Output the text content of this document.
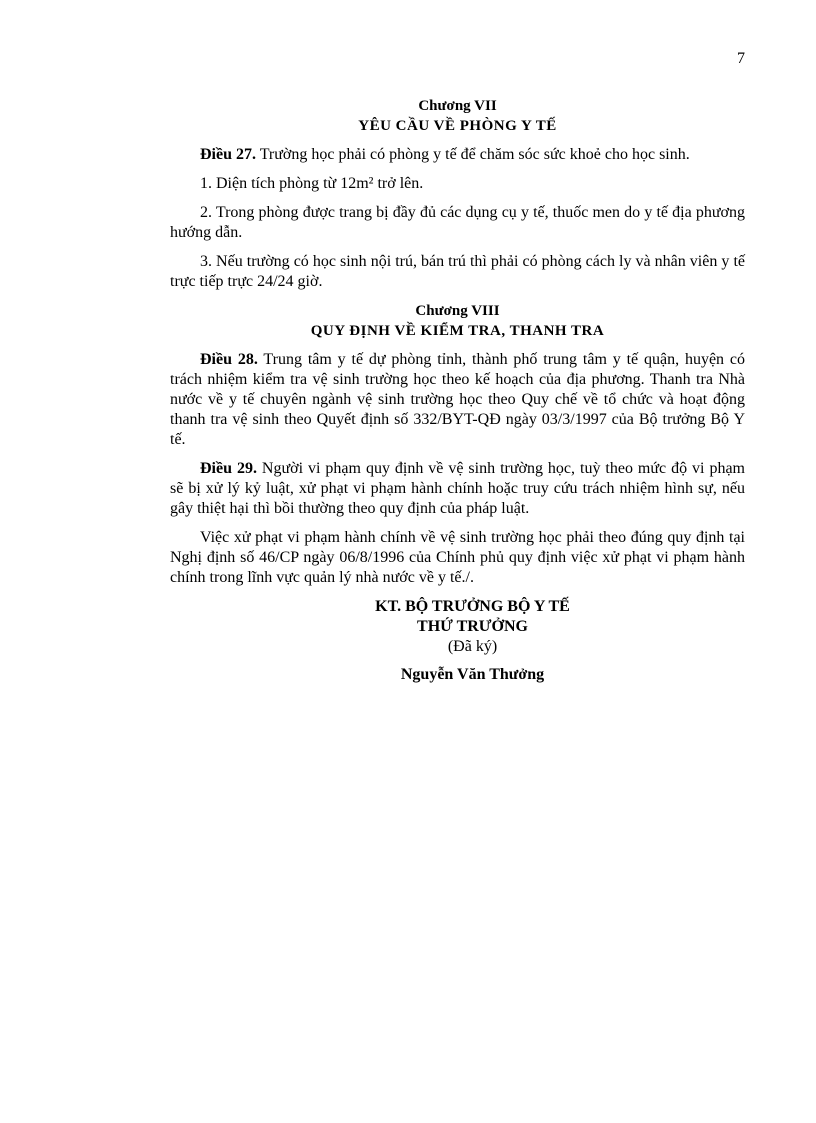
7

Chương VII

YÊU CẦU VỀ PHÒNG Y TẾ

Điều 27. Trường học phải có phòng y tế để chăm sóc sức khoẻ cho học sinh.

1. Diện tích phòng từ 12m² trở lên.

2. Trong phòng được trang bị đầy đủ các dụng cụ y tế, thuốc men do y tế địa phương hướng dẫn.

3. Nếu trường có học sinh nội trú, bán trú thì phải có phòng cách ly và nhân viên y tế trực tiếp trực 24/24 giờ.

Chương VIII

QUY ĐỊNH VỀ KIỂM TRA, THANH TRA

Điều 28. Trung tâm y tế dự phòng tỉnh, thành phố trung tâm y tế quận, huyện có trách nhiệm kiểm tra vệ sinh trường học theo kế hoạch của địa phương. Thanh tra Nhà nước về y tế chuyên ngành vệ sinh trường học theo Quy chế về tổ chức và hoạt động thanh tra vệ sinh theo Quyết định số 332/BYT-QĐ ngày 03/3/1997 của Bộ trưởng Bộ Y tế.

Điều 29. Người vi phạm quy định về vệ sinh trường học, tuỳ theo mức độ vi phạm sẽ bị xử lý kỷ luật, xử phạt vi phạm hành chính hoặc truy cứu trách nhiệm hình sự, nếu gây thiệt hại thì bồi thường theo quy định của pháp luật.

Việc xử phạt vi phạm hành chính về vệ sinh trường học phải theo đúng quy định tại Nghị định số 46/CP ngày 06/8/1996 của Chính phủ quy định việc xử phạt vi phạm hành chính trong lĩnh vực quản lý nhà nước về y tế./.

KT. BỘ TRƯỞNG BỘ Y TẾ

THỨ TRƯỞNG

(Đã ký)

Nguyễn Văn Thưởng
